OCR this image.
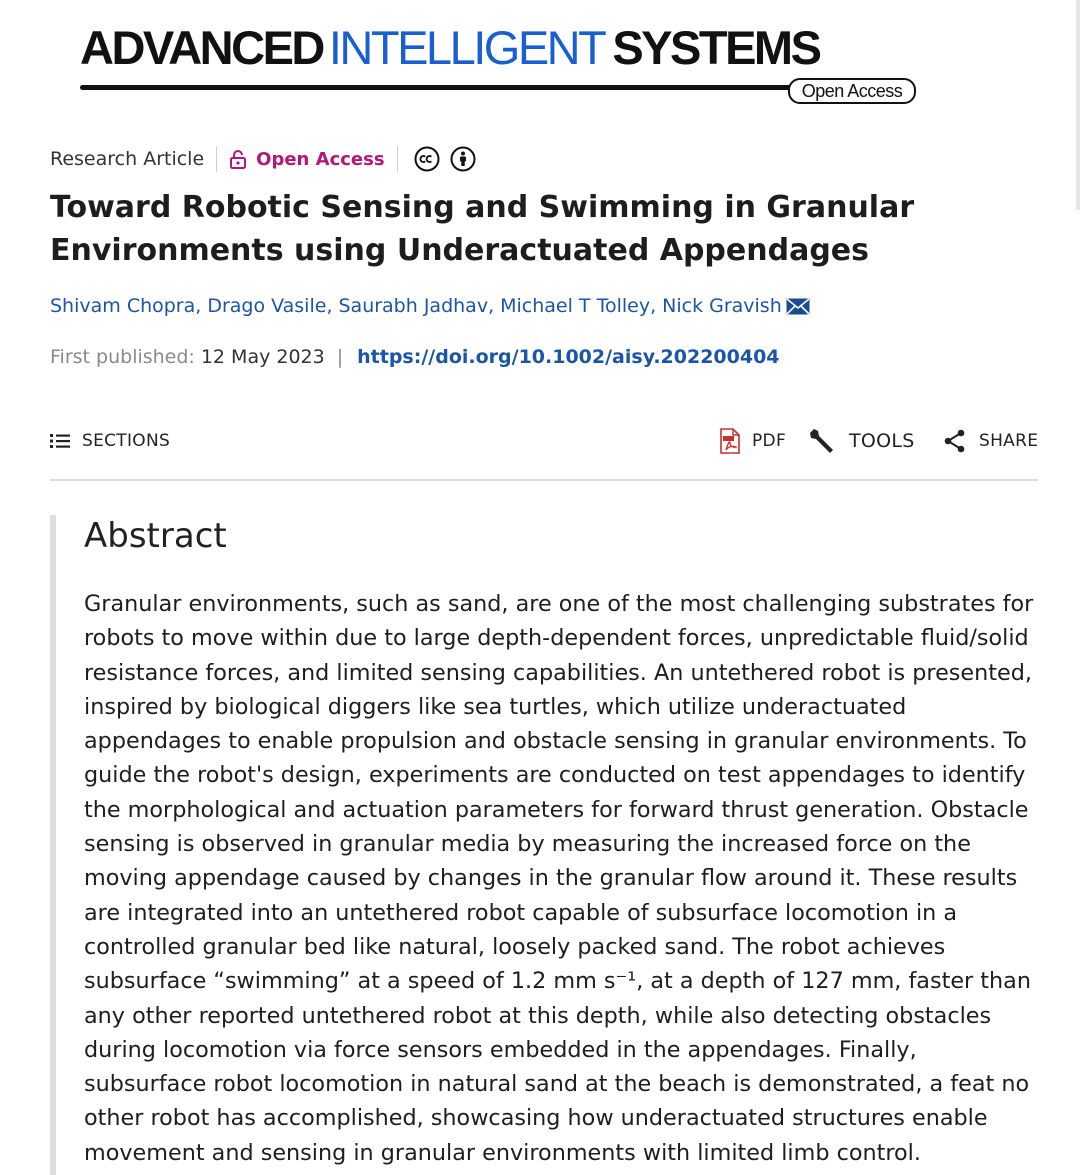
ADVANCED INTELLIGENT SYSTEMS
Open Access
Research Article	Open Access
Toward Robotic Sensing and Swimming in Granular Environments using Underactuated Appendages
Shivam Chopra , Drago Vasile , Saurabh Jadhav , Michael T Tolley , Nick Gravish
First published: 12 May 2023 | https://doi.org/10.1002/aisy.202200404
SECTIONS	PDF	TOOLS	SHARE
Abstract

Granular environments, such as sand, are one of the most challenging substrates for robots to move within due to large depth-dependent forces, unpredictable fluid/solid resistance forces, and limited sensing capabilities. An untethered robot is presented, inspired by biological diggers like sea turtles, which utilize underactuated appendages to enable propulsion and obstacle sensing in granular environments. To guide the robot's design, experiments are conducted on test appendages to identify the morphological and actuation parameters for forward thrust generation. Obstacle sensing is observed in granular media by measuring the increased force on the moving appendage caused by changes in the granular flow around it. These results are integrated into an untethered robot capable of subsurface locomotion in a controlled granular bed like natural, loosely packed sand. The robot achieves subsurface “swimming” at a speed of 1.2 mm s⁻¹, at a depth of 127 mm, faster than any other reported untethered robot at this depth, while also detecting obstacles during locomotion via force sensors embedded in the appendages. Finally, subsurface robot locomotion in natural sand at the beach is demonstrated, a feat no other robot has accomplished, showcasing how underactuated structures enable movement and sensing in granular environments with limited limb control.
